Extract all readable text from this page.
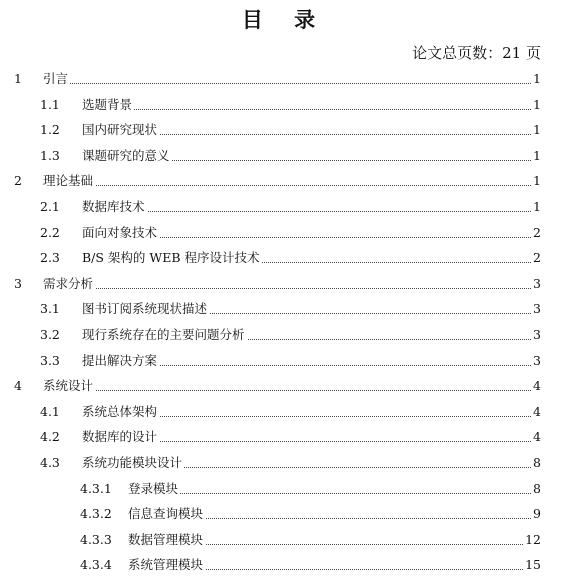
目 录
论文总页数：21 页
1 引言	1
1.1 选题背景	1
1.2 国内研究现状	1
1.3 课题研究的意义	1
2 理论基础	1
2.1 数据库技术	1
2.2 面向对象技术	2
2.3 B/S 架构的 WEB 程序设计技术	2
3 需求分析	3
3.1 图书订阅系统现状描述	3
3.2 现行系统存在的主要问题分析	3
3.3 提出解决方案	3
4 系统设计	4
4.1 系统总体架构	4
4.2 数据库的设计	4
4.3 系统功能模块设计	8
4.3.1 登录模块	8
4.3.2 信息查询模块	9
4.3.3 数据管理模块	12
4.3.4 系统管理模块	15
